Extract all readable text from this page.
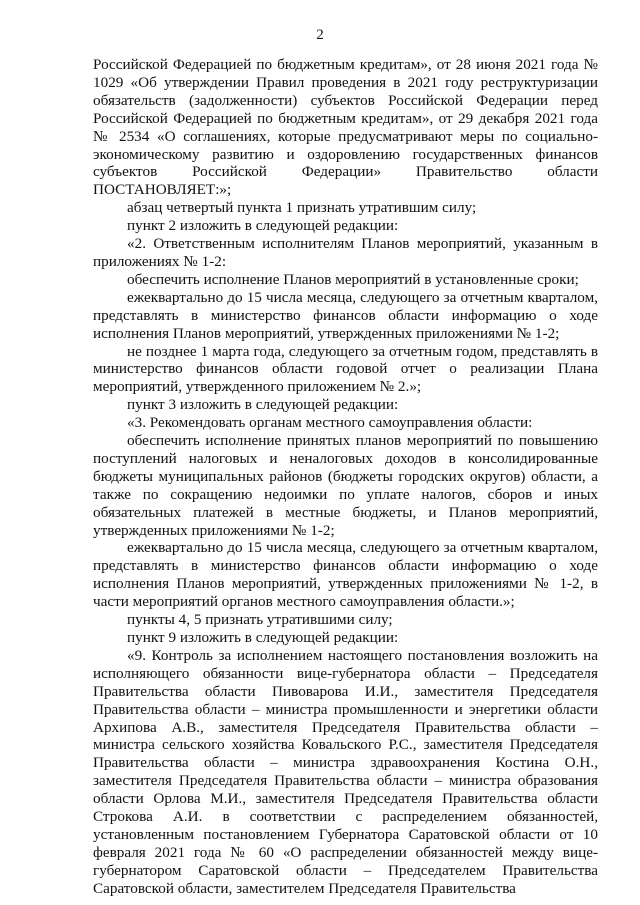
2

Российской Федерацией по бюджетным кредитам», от 28 июня 2021 года № 1029 «Об утверждении Правил проведения в 2021 году реструктуризации обязательств (задолженности) субъектов Российской Федерации перед Российской Федерацией по бюджетным кредитам», от 29 декабря 2021 года № 2534 «О соглашениях, которые предусматривают меры по социально-экономическому развитию и оздоровлению государственных финансов субъектов Российской Федерации» Правительство области ПОСТАНОВЛЯЕТ:»;

абзац четвертый пункта 1 признать утратившим силу;

пункт 2 изложить в следующей редакции:

«2. Ответственным исполнителям Планов мероприятий, указанным в приложениях № 1-2:

обеспечить исполнение Планов мероприятий в установленные сроки;

ежеквартально до 15 числа месяца, следующего за отчетным кварталом, представлять в министерство финансов области информацию о ходе исполнения Планов мероприятий, утвержденных приложениями № 1-2;

не позднее 1 марта года, следующего за отчетным годом, представлять в министерство финансов области годовой отчет о реализации Плана мероприятий, утвержденного приложением № 2.»;

пункт 3 изложить в следующей редакции:

«3. Рекомендовать органам местного самоуправления области:

обеспечить исполнение принятых планов мероприятий по повышению поступлений налоговых и неналоговых доходов в консолидированные бюджеты муниципальных районов (бюджеты городских округов) области, а также по сокращению недоимки по уплате налогов, сборов и иных обязательных платежей в местные бюджеты, и Планов мероприятий, утвержденных приложениями № 1-2;

ежеквартально до 15 числа месяца, следующего за отчетным кварталом, представлять в министерство финансов области информацию о ходе исполнения Планов мероприятий, утвержденных приложениями № 1-2, в части мероприятий органов местного самоуправления области.»;

пункты 4, 5 признать утратившими силу;

пункт 9 изложить в следующей редакции:

«9. Контроль за исполнением настоящего постановления возложить на исполняющего обязанности вице-губернатора области – Председателя Правительства области Пивоварова И.И., заместителя Председателя Правительства области – министра промышленности и энергетики области Архипова А.В., заместителя Председателя Правительства области – министра сельского хозяйства Ковальского Р.С., заместителя Председателя Правительства области – министра здравоохранения Костина О.Н., заместителя Председателя Правительства области – министра образования области Орлова М.И., заместителя Председателя Правительства области Строкова А.И. в соответствии с распределением обязанностей, установленным постановлением Губернатора Саратовской области от 10 февраля 2021 года № 60 «О распределении обязанностей между вице-губернатором Саратовской области – Председателем Правительства Саратовской области, заместителем Председателя Правительства
